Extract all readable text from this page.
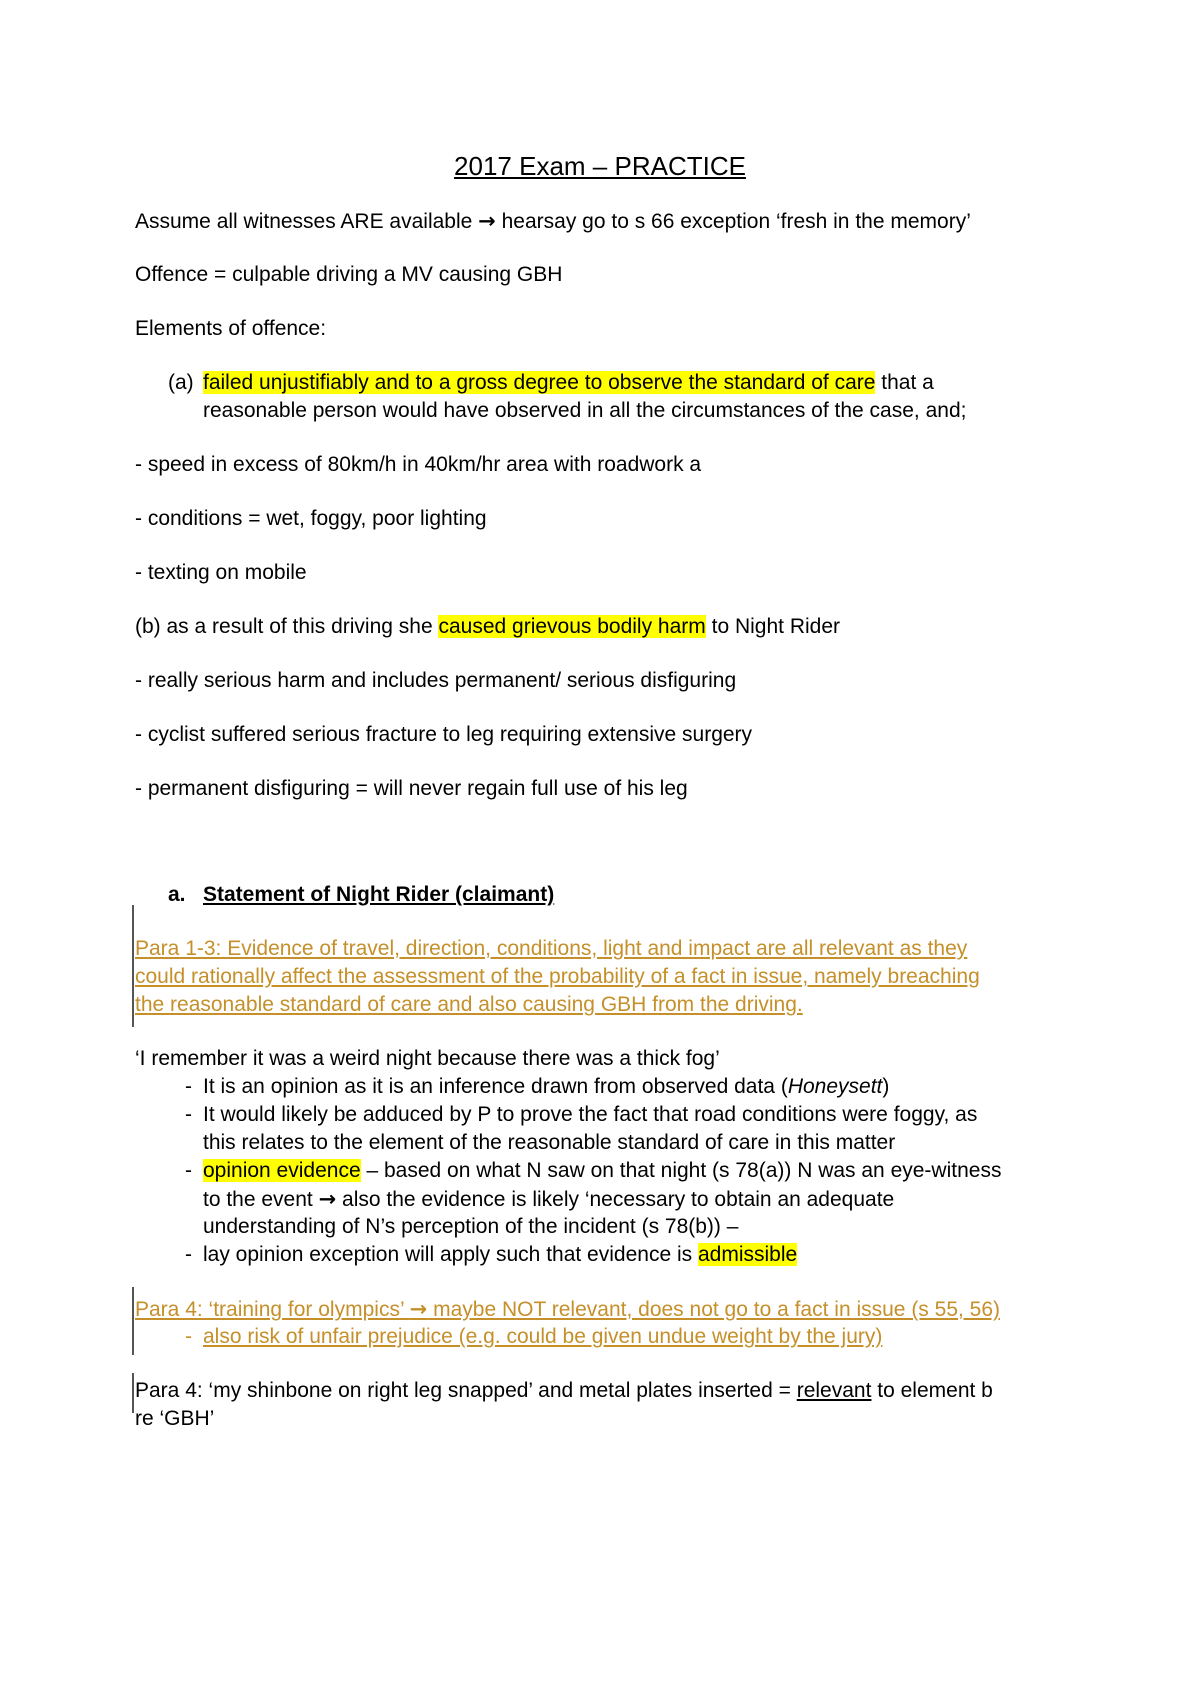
2017 Exam – PRACTICE
Assume all witnesses ARE available → hearsay go to s 66 exception ‘fresh in the memory’
Offence = culpable driving a MV causing GBH
Elements of offence:
(a) failed unjustifiably and to a gross degree to observe the standard of care that a
reasonable person would have observed in all the circumstances of the case, and;
- speed in excess of 80km/h in 40km/hr area with roadwork a
- conditions = wet, foggy, poor lighting
- texting on mobile
(b) as a result of this driving she caused grievous bodily harm to Night Rider
- really serious harm and includes permanent/ serious disfiguring
- cyclist suffered serious fracture to leg requiring extensive surgery
- permanent disfiguring = will never regain full use of his leg
a. Statement of Night Rider (claimant)
Para 1-3: Evidence of travel, direction, conditions, light and impact are all relevant as they
could rationally affect the assessment of the probability of a fact in issue, namely breaching
the reasonable standard of care and also causing GBH from the driving.
‘I remember it was a weird night because there was a thick fog’
- It is an opinion as it is an inference drawn from observed data (Honeysett)
- It would likely be adduced by P to prove the fact that road conditions were foggy, as
this relates to the element of the reasonable standard of care in this matter
- opinion evidence – based on what N saw on that night (s 78(a)) N was an eye-witness
to the event → also the evidence is likely ‘necessary to obtain an adequate
understanding of N’s perception of the incident (s 78(b)) –
- lay opinion exception will apply such that evidence is admissible
Para 4: ‘training for olympics’ → maybe NOT relevant, does not go to a fact in issue (s 55, 56)
- also risk of unfair prejudice (e.g. could be given undue weight by the jury)
Para 4: ‘my shinbone on right leg snapped’ and metal plates inserted = relevant to element b
re ‘GBH’
